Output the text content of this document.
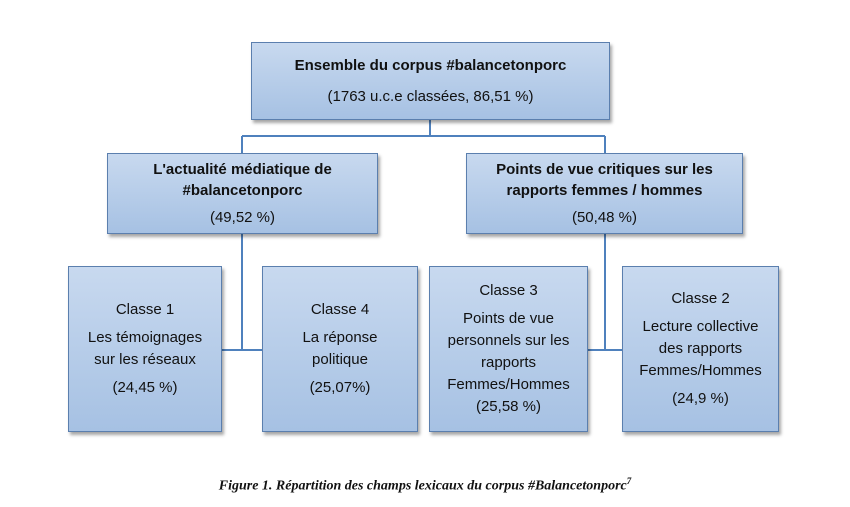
Ensemble du corpus #balancetonporc
(1763 u.c.e classées, 86,51 %)
L'actualité médiatique de
#balancetonporc
(49,52 %)
Points de vue critiques sur les
rapports femmes / hommes
(50,48 %)
Classe 1
Les témoignages
sur les réseaux
(24,45 %)
Classe 4
La réponse
politique
(25,07%)
Classe 3
Points de vue
personnels sur les
rapports
Femmes/Hommes
(25,58 %)
Classe 2
Lecture collective
des rapports
Femmes/Hommes
(24,9 %)
Figure 1. Répartition des champs lexicaux du corpus #Balancetonporc$^7$
